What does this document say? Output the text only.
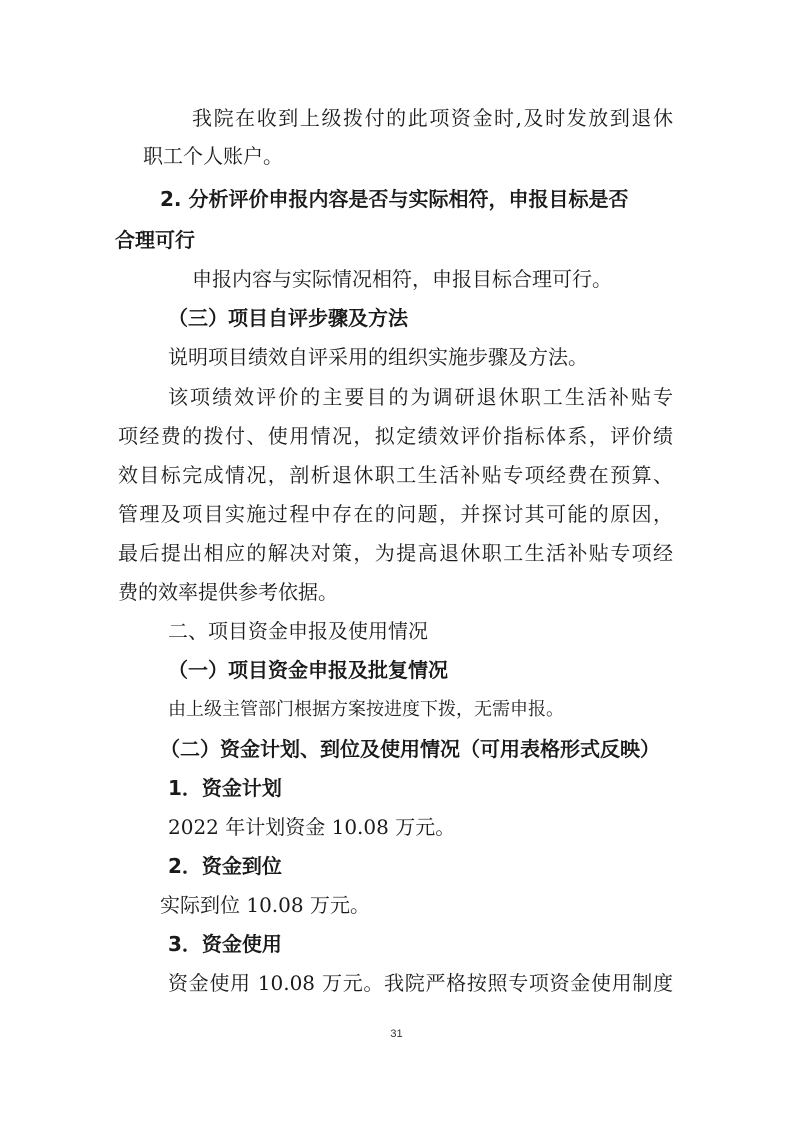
我院在收到上级拨付的此项资金时,及时发放到退休
职工个人账户。
2. 分析评价申报内容是否与实际相符，申报目标是否
合理可行
申报内容与实际情况相符，申报目标合理可行。
（三）项目自评步骤及方法
说明项目绩效自评采用的组织实施步骤及方法。
该项绩效评价的主要目的为调研退休职工生活补贴专
项经费的拨付、使用情况，拟定绩效评价指标体系，评价绩
效目标完成情况，剖析退休职工生活补贴专项经费在预算、
管理及项目实施过程中存在的问题，并探讨其可能的原因，
最后提出相应的解决对策，为提高退休职工生活补贴专项经
费的效率提供参考依据。
二、项目资金申报及使用情况
（一）项目资金申报及批复情况
由上级主管部门根据方案按进度下拨，无需申报。
（二）资金计划、到位及使用情况（可用表格形式反映）
1．资金计划
2022 年计划资金 10.08 万元。
2．资金到位
实际到位 10.08 万元。
3．资金使用
资金使用 10.08 万元。我院严格按照专项资金使用制度
31
